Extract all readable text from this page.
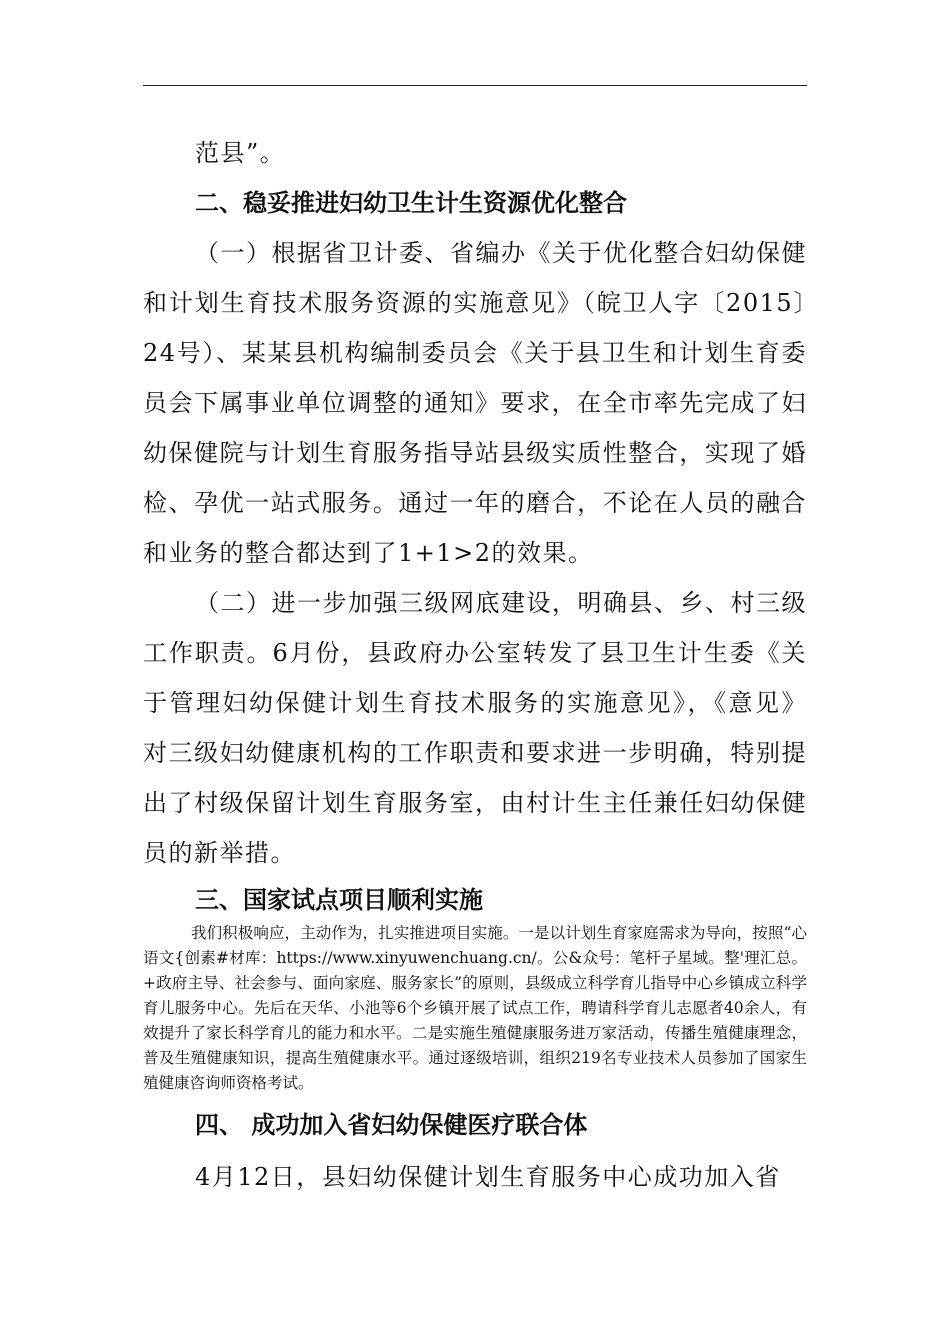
范县”。

二、稳妥推进妇幼卫生计生资源优化整合

（一）根据省卫计委、省编办《关于优化整合妇幼保健和计划生育技术服务资源的实施意见》（皖卫人字〔2015〕24号）、某某县机构编制委员会《关于县卫生和计划生育委员会下属事业单位调整的通知》要求，在全市率先完成了妇幼保健院与计划生育服务指导站县级实质性整合，实现了婚检、孕优一站式服务。通过一年的磨合，不论在人员的融合和业务的整合都达到了1+1>2的效果。

（二）进一步加强三级网底建设，明确县、乡、村三级工作职责。6月份，县政府办公室转发了县卫生计生委《关于管理妇幼保健计划生育技术服务的实施意见》，《意见》对三级妇幼健康机构的工作职责和要求进一步明确，特别提出了村级保留计划生育服务室，由村计生主任兼任妇幼保健员的新举措。

三、国家试点项目顺利实施

我们积极响应，主动作为，扎实推进项目实施。一是以计划生育家庭需求为导向，按照“心语文{创素#材库：https://www.xinyuwenchuang.cn/。公&众号：笔杆子星域。整'理汇总。+政府主导、社会参与、面向家庭、服务家长”的原则，县级成立科学育儿指导中心乡镇成立科学育儿服务中心。先后在天华、小池等6个乡镇开展了试点工作，聘请科学育儿志愿者40余人，有效提升了家长科学育儿的能力和水平。二是实施生殖健康服务进万家活动，传播生殖健康理念，普及生殖健康知识，提高生殖健康水平。通过逐级培训，组织219名专业技术人员参加了国家生殖健康咨询师资格考试。

四、 成功加入省妇幼保健医疗联合体

4月12日，县妇幼保健计划生育服务中心成功加入省
